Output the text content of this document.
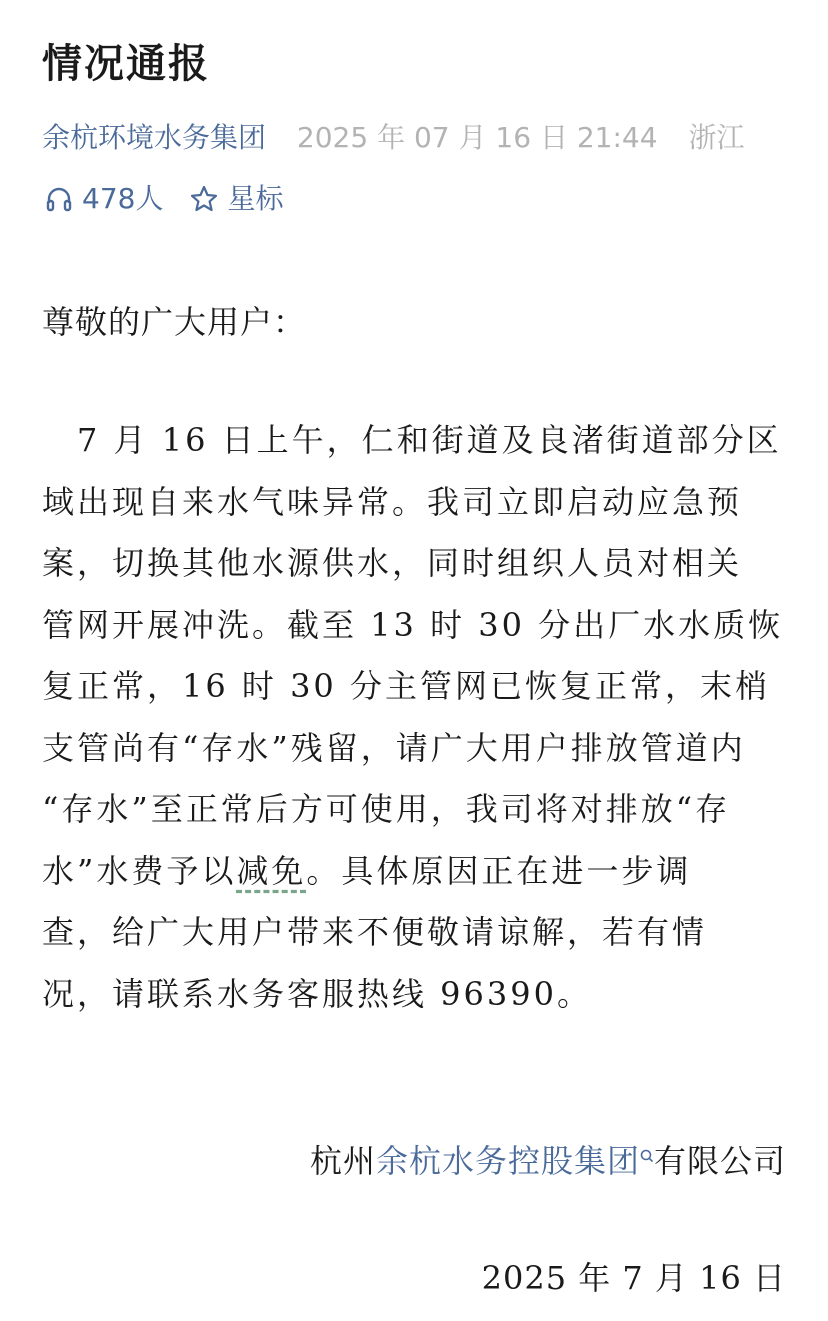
情况通报
余杭环境水务集团 2025 年 07 月 16 日 21:44 浙江
478人 星标
尊敬的广大用户：
　7 月 16 日上午，仁和街道及良渚街道部分区
域出现自来水气味异常。我司立即启动应急预
案，切换其他水源供水，同时组织人员对相关
管网开展冲洗。截至 13 时 30 分出厂水水质恢
复正常，16 时 30 分主管网已恢复正常，末梢
支管尚有“存水”残留，请广大用户排放管道内
“存水”至正常后方可使用，我司将对排放“存
水”水费予以减免。具体原因正在进一步调
查，给广大用户带来不便敬请谅解，若有情
况，请联系水务客服热线 96390。
杭州余杭水务控股集团 有限公司
2025 年 7 月 16 日
